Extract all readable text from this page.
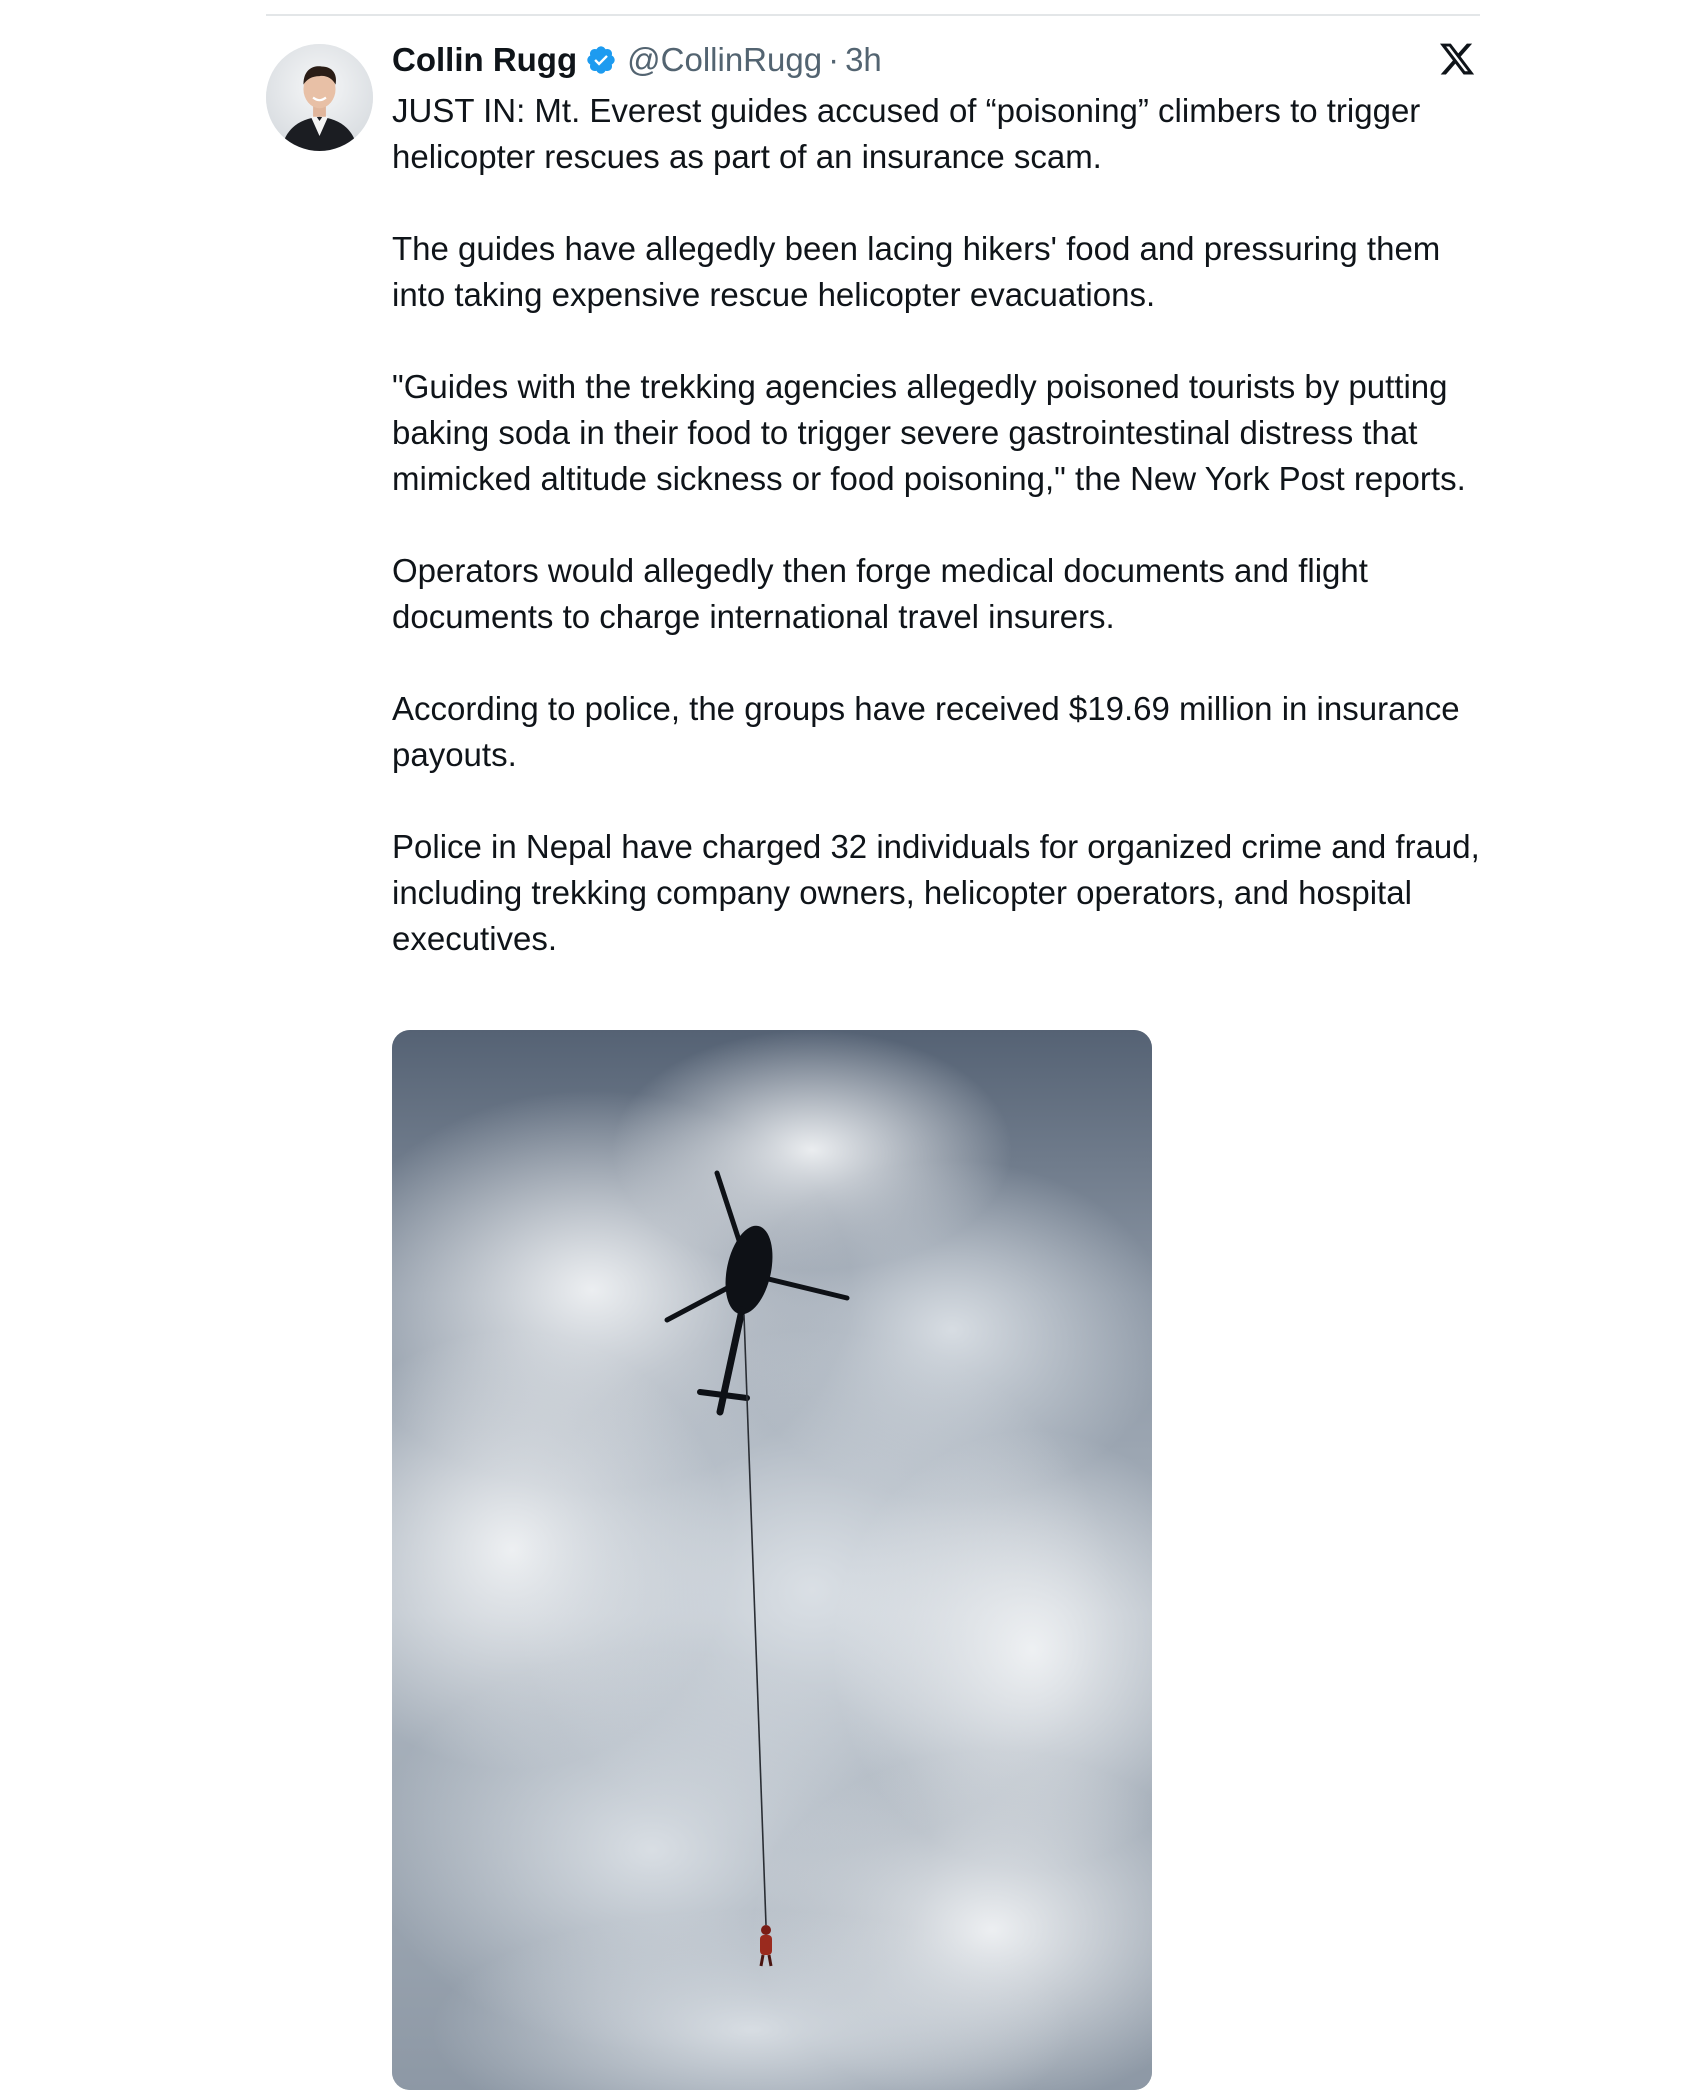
Collin Rugg @CollinRugg · 3h

JUST IN: Mt. Everest guides accused of “poisoning” climbers to trigger helicopter rescues as part of an insurance scam.

The guides have allegedly been lacing hikers' food and pressuring them into taking expensive rescue helicopter evacuations.

"Guides with the trekking agencies allegedly poisoned tourists by putting baking soda in their food to trigger severe gastrointestinal distress that mimicked altitude sickness or food poisoning," the New York Post reports.

Operators would allegedly then forge medical documents and flight documents to charge international travel insurers.

According to police, the groups have received $19.69 million in insurance payouts.

Police in Nepal have charged 32 individuals for organized crime and fraud, including trekking company owners, helicopter operators, and hospital executives.
